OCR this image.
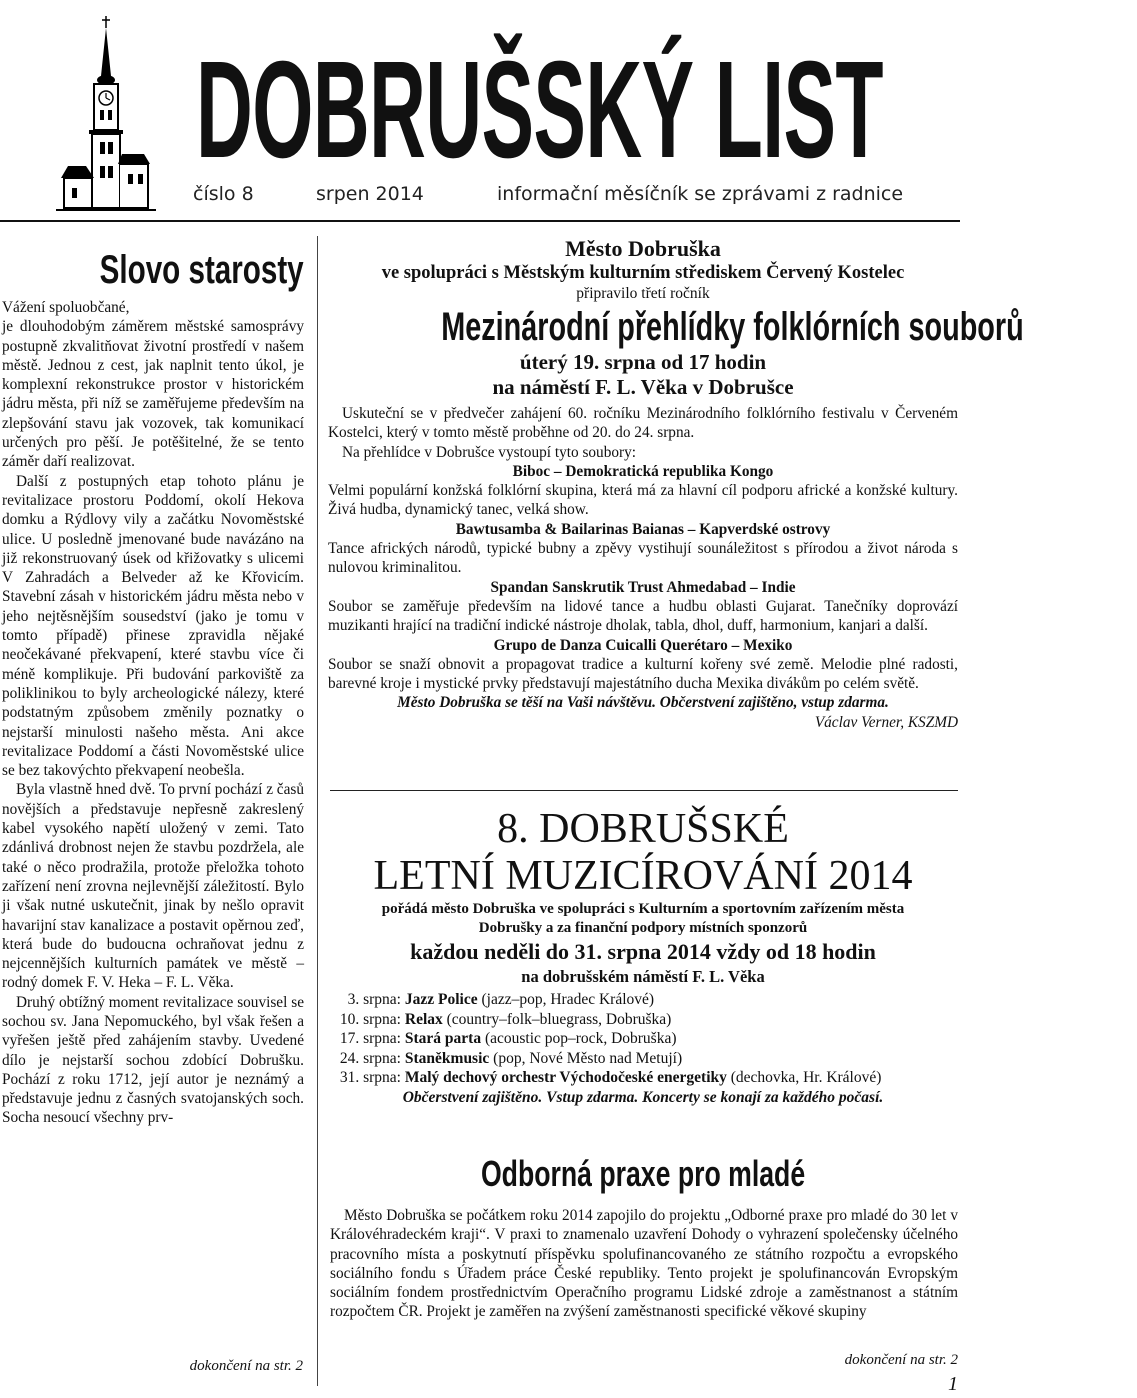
DOBRUŠSKÝ LIST
číslo 8	srpen 2014	informační měsíčník se zprávami z radnice
Slovo starosty

Vážení spoluobčané,

je dlouhodobým záměrem městské samosprávy postupně zkvalitňovat životní prostředí v našem městě. Jednou z cest, jak naplnit tento úkol, je komplexní rekonstrukce prostor v historickém jádru města, při níž se zaměřujeme především na zlepšování stavu jak vozovek, tak komunikací určených pro pěší. Je potěšitelné, že se tento záměr daří realizovat.

Další z postupných etap tohoto plánu je revitalizace prostoru Poddomí, okolí Hekova domku a Rýdlovy vily a začátku Novoměstské ulice. U posledně jmenované bude navázáno na již rekonstruovaný úsek od křižovatky s ulicemi V Zahradách a Belveder až ke Křovicím. Stavební zásah v historickém jádru města nebo v jeho nejtěsnějším sousedství (jako je tomu v tomto případě) přinese zpravidla nějaké neočekávané překvapení, které stavbu více či méně komplikuje. Při budování parkoviště za poliklinikou to byly archeologické nálezy, které podstatným způsobem změnily poznatky o nejstarší minulosti našeho města. Ani akce revitalizace Poddomí a části Novoměstské ulice se bez takovýchto překvapení neobešla.

Byla vlastně hned dvě. To první pochází z časů novějších a představuje nepřesně zakreslený kabel vysokého napětí uložený v zemi. Tato zdánlivá drobnost nejen že stavbu pozdržela, ale také o něco prodražila, protože přeložka tohoto zařízení není zrovna nejlevnější záležitostí. Bylo ji však nutné uskutečnit, jinak by nešlo opravit havarijní stav kanalizace a postavit opěrnou zeď, která bude do budoucna ochraňovat jednu z nejcennějších kulturních památek ve městě – rodný domek F. V. Heka – F. L. Věka.

Druhý obtížný moment revitalizace souvisel se sochou sv. Jana Nepomuckého, byl však řešen a vyřešen ještě před zahájením stavby. Uvedené dílo je nejstarší sochou zdobící Dobrušku. Pochází z roku 1712, její autor je neznámý a představuje jednu z časných svatojanských soch. Socha nesoucí všechny prv-

dokončení na str. 2
Město Dobruška
ve spolupráci s Městským kulturním střediskem Červený Kostelec
připravilo třetí ročník
Mezinárodní přehlídky folklórních souborů
úterý 19. srpna od 17 hodin
na náměstí F. L. Věka v Dobrušce

Uskuteční se v předvečer zahájení 60. ročníku Mezinárodního folklórního festivalu v Červeném Kostelci, který v tomto městě proběhne od 20. do 24. srpna.

Na přehlídce v Dobrušce vystoupí tyto soubory:

Biboc – Demokratická republika Kongo

Velmi populární konžská folklórní skupina, která má za hlavní cíl podporu africké a konžské kultury. Živá hudba, dynamický tanec, velká show.

Bawtusamba & Bailarinas Baianas – Kapverdské ostrovy

Tance afrických národů, typické bubny a zpěvy vystihují sounáležitost s přírodou a život národa s nulovou kriminalitou.

Spandan Sanskrutik Trust Ahmedabad – Indie

Soubor se zaměřuje především na lidové tance a hudbu oblasti Gujarat. Tanečníky doprovází muzikanti hrající na tradiční indické nástroje dholak, tabla, dhol, duff, harmonium, kanjari a další.

Grupo de Danza Cuicalli Querétaro – Mexiko

Soubor se snaží obnovit a propagovat tradice a kulturní kořeny své země. Melodie plné radosti, barevné kroje i mystické prvky představují majestátního ducha Mexika divákům po celém světě.

Město Dobruška se těší na Vaši návštěvu. Občerstvení zajištěno, vstup zdarma.
Václav Verner, KSZMD
8. DOBRUŠSKÉ
LETNÍ MUZICÍROVÁNÍ 2014
pořádá město Dobruška ve spolupráci s Kulturním a sportovním zařízením města Dobrušky a za finanční podpory místních sponzorů
každou neděli do 31. srpna 2014 vždy od 18 hodin
na dobrušském náměstí F. L. Věka
3. srpna: Jazz Police (jazz–pop, Hradec Králové)
10. srpna: Relax (country–folk–bluegrass, Dobruška)
17. srpna: Stará parta (acoustic pop–rock, Dobruška)
24. srpna: Staněkmusic (pop, Nové Město nad Metují)
31. srpna: Malý dechový orchestr Východočeské energetiky (dechovka, Hr. Králové)
Občerstvení zajištěno. Vstup zdarma. Koncerty se konají za každého počasí.
Odborná praxe pro mladé

Město Dobruška se počátkem roku 2014 zapojilo do projektu „Odborné praxe pro mladé do 30 let v Královéhradeckém kraji“. V praxi to znamenalo uzavření Dohody o vyhrazení společensky účelného pracovního místa a poskytnutí příspěvku spolufinancovaného ze státního rozpočtu a evropského sociálního fondu s Úřadem práce České republiky. Tento projekt je spolufinancován Evropským sociálním fondem prostřednictvím Operačního programu Lidské zdroje a zaměstnanost a státním rozpočtem ČR. Projekt je zaměřen na zvýšení zaměstnanosti specifické věkové skupiny

dokončení na str. 2
1
